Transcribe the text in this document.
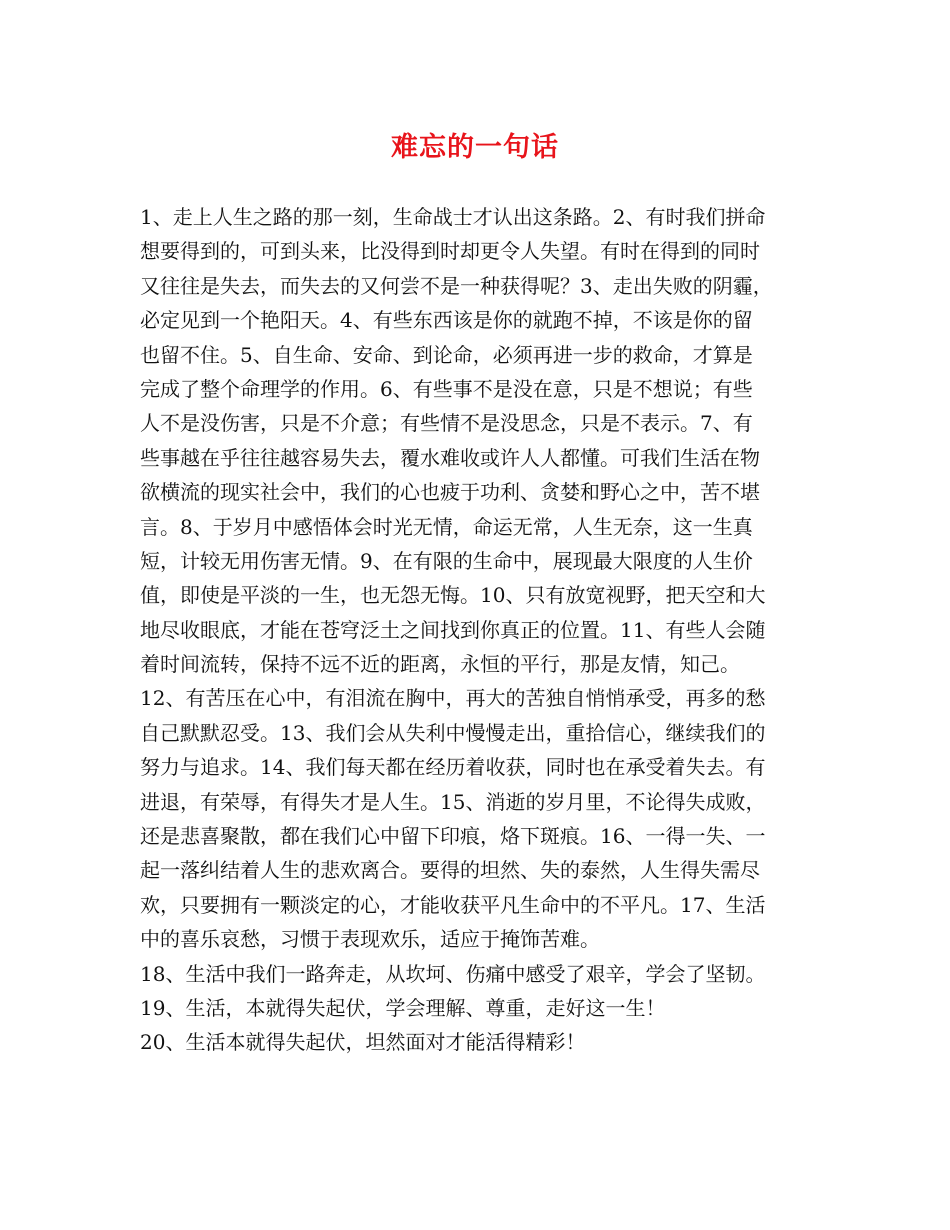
难忘的一句话
1、走上人生之路的那一刻，生命战士才认出这条路。2、有时我们拼命
想要得到的，可到头来，比没得到时却更令人失望。有时在得到的同时
又往往是失去，而失去的又何尝不是一种获得呢？3、走出失败的阴霾，
必定见到一个艳阳天。4、有些东西该是你的就跑不掉，不该是你的留
也留不住。5、自生命、安命、到论命，必须再进一步的救命，才算是
完成了整个命理学的作用。6、有些事不是没在意，只是不想说；有些
人不是没伤害，只是不介意；有些情不是没思念，只是不表示。7、有
些事越在乎往往越容易失去，覆水难收或许人人都懂。可我们生活在物
欲横流的现实社会中，我们的心也疲于功利、贪婪和野心之中，苦不堪
言。8、于岁月中感悟体会时光无情，命运无常，人生无奈，这一生真
短，计较无用伤害无情。9、在有限的生命中，展现最大限度的人生价
值，即使是平淡的一生，也无怨无悔。10、只有放宽视野，把天空和大
地尽收眼底，才能在苍穹泛土之间找到你真正的位置。11、有些人会随
着时间流转，保持不远不近的距离，永恒的平行，那是友情，知己。
12、有苦压在心中，有泪流在胸中，再大的苦独自悄悄承受，再多的愁
自己默默忍受。13、我们会从失利中慢慢走出，重拾信心，继续我们的
努力与追求。14、我们每天都在经历着收获，同时也在承受着失去。有
进退，有荣辱，有得失才是人生。15、消逝的岁月里，不论得失成败，
还是悲喜聚散，都在我们心中留下印痕，烙下斑痕。16、一得一失、一
起一落纠结着人生的悲欢离合。要得的坦然、失的泰然，人生得失需尽
欢，只要拥有一颗淡定的心，才能收获平凡生命中的不平凡。17、生活
中的喜乐哀愁，习惯于表现欢乐，适应于掩饰苦难。
18、生活中我们一路奔走，从坎坷、伤痛中感受了艰辛，学会了坚韧。
19、生活，本就得失起伏，学会理解、尊重，走好这一生！
20、生活本就得失起伏，坦然面对才能活得精彩！
